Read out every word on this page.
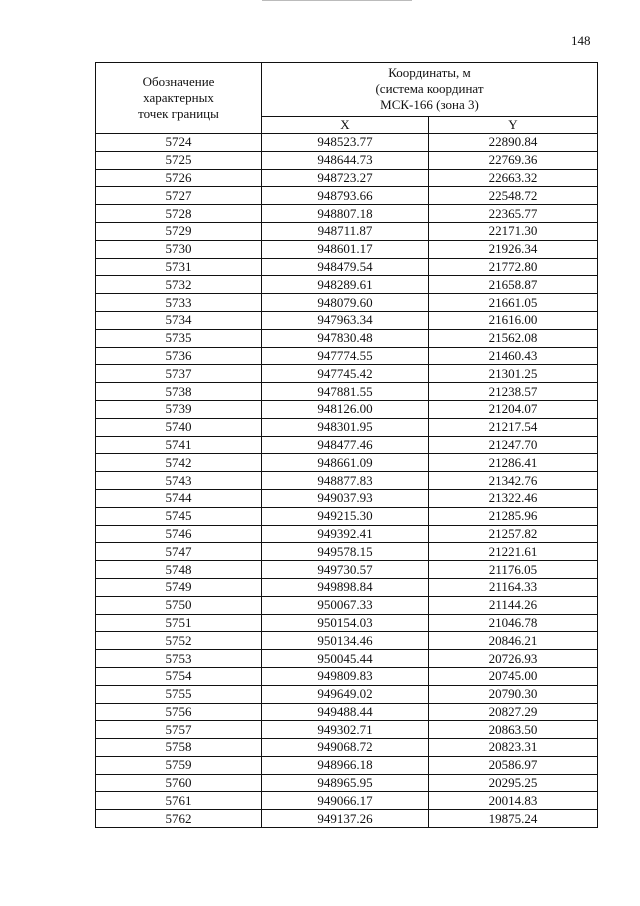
148
Обозначение
характерных
точек границы	Координаты, м
(система координат
МСК-166 (зона 3)	
	X	Y
5724	948523.77	22890.84
5725	948644.73	22769.36
5726	948723.27	22663.32
5727	948793.66	22548.72
5728	948807.18	22365.77
5729	948711.87	22171.30
5730	948601.17	21926.34
5731	948479.54	21772.80
5732	948289.61	21658.87
5733	948079.60	21661.05
5734	947963.34	21616.00
5735	947830.48	21562.08
5736	947774.55	21460.43
5737	947745.42	21301.25
5738	947881.55	21238.57
5739	948126.00	21204.07
5740	948301.95	21217.54
5741	948477.46	21247.70
5742	948661.09	21286.41
5743	948877.83	21342.76
5744	949037.93	21322.46
5745	949215.30	21285.96
5746	949392.41	21257.82
5747	949578.15	21221.61
5748	949730.57	21176.05
5749	949898.84	21164.33
5750	950067.33	21144.26
5751	950154.03	21046.78
5752	950134.46	20846.21
5753	950045.44	20726.93
5754	949809.83	20745.00
5755	949649.02	20790.30
5756	949488.44	20827.29
5757	949302.71	20863.50
5758	949068.72	20823.31
5759	948966.18	20586.97
5760	948965.95	20295.25
5761	949066.17	20014.83
5762	949137.26	19875.24
